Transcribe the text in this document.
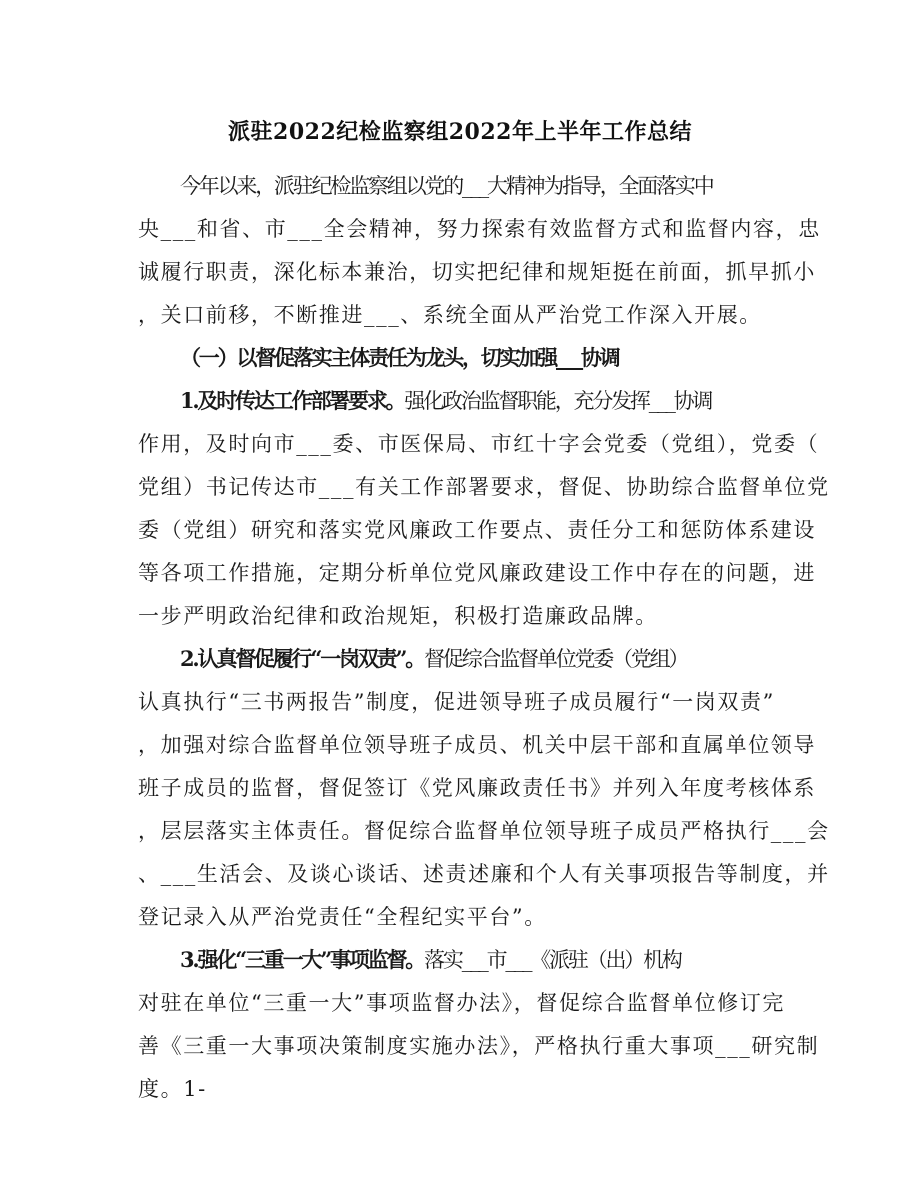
派驻2022纪检监察组2022年上半年工作总结
今年以来，派驻纪检监察组以党的___大精神为指导，全面落实中
央___和省、市___全会精神，努力探索有效监督方式和监督内容，忠
诚履行职责，深化标本兼治，切实把纪律和规矩挺在前面，抓早抓小
，关口前移，不断推进___、系统全面从严治党工作深入开展。
（一）以督促落实主体责任为龙头，切实加强___协调
1.及时传达工作部署要求。强化政治监督职能，充分发挥___协调
作用，及时向市___委、市医保局、市红十字会党委（党组），党委（
党组）书记传达市___有关工作部署要求，督促、协助综合监督单位党
委（党组）研究和落实党风廉政工作要点、责任分工和惩防体系建设
等各项工作措施，定期分析单位党风廉政建设工作中存在的问题，进
一步严明政治纪律和政治规矩，积极打造廉政品牌。
2.认真督促履行“一岗双责”。督促综合监督单位党委（党组）
认真执行“三书两报告”制度，促进领导班子成员履行“一岗双责”
，加强对综合监督单位领导班子成员、机关中层干部和直属单位领导
班子成员的监督，督促签订《党风廉政责任书》并列入年度考核体系
，层层落实主体责任。督促综合监督单位领导班子成员严格执行___会
、___生活会、及谈心谈话、述责述廉和个人有关事项报告等制度，并
登记录入从严治党责任“全程纪实平台”。
3.强化“三重一大”事项监督。落实___市___《派驻（出）机构
对驻在单位“三重一大”事项监督办法》，督促综合监督单位修订完
善《三重一大事项决策制度实施办法》，严格执行重大事项___研究制
度。1-
